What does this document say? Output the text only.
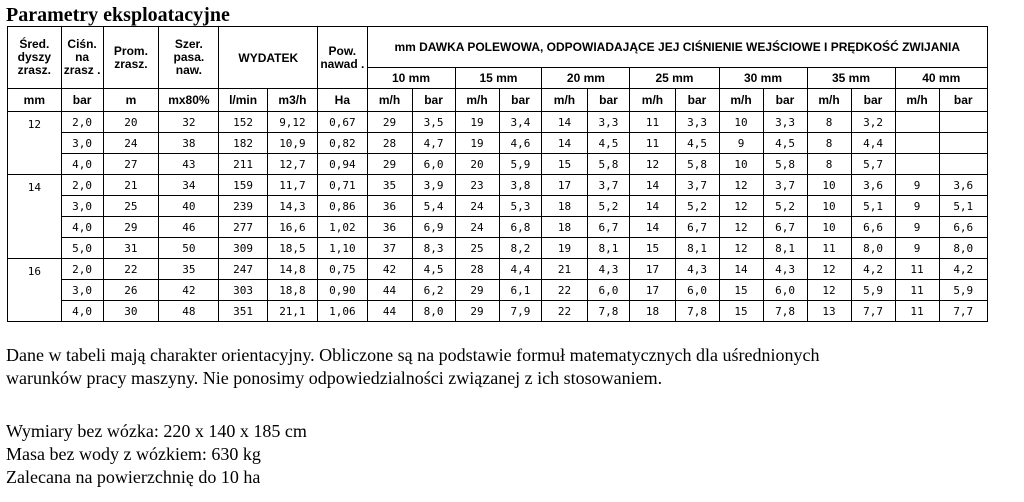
Parametry eksploatacyjne
Śred. dyszy zrasz.	Ciśn. na zrasz .	Prom. zrasz.	Szer. pasa. naw.	WYDATEK		Pow. nawad .	mm DAWKA POLEWOWA, ODPOWIADAJĄCE JEJ CIŚNIENIE WEJŚCIOWE I PRĘDKOŚĆ ZWIJANIA													
							10 mm		15 mm		20 mm		25 mm		30 mm		35 mm		40 mm	
mm	bar	m	mx80%	l/min	m3/h	Ha	m/h	bar	m/h	bar	m/h	bar	m/h	bar	m/h	bar	m/h	bar	m/h	bar
12	2,0	20	32	152	9,12	0,67	29	3,5	19	3,4	14	3,3	11	3,3	10	3,3	8	3,2		
	3,0	24	38	182	10,9	0,82	28	4,7	19	4,6	14	4,5	11	4,5	9	4,5	8	4,4		
	4,0	27	43	211	12,7	0,94	29	6,0	20	5,9	15	5,8	12	5,8	10	5,8	8	5,7		
14	2,0	21	34	159	11,7	0,71	35	3,9	23	3,8	17	3,7	14	3,7	12	3,7	10	3,6	9	3,6
	3,0	25	40	239	14,3	0,86	36	5,4	24	5,3	18	5,2	14	5,2	12	5,2	10	5,1	9	5,1
	4,0	29	46	277	16,6	1,02	36	6,9	24	6,8	18	6,7	14	6,7	12	6,7	10	6,6	9	6,6
	5,0	31	50	309	18,5	1,10	37	8,3	25	8,2	19	8,1	15	8,1	12	8,1	11	8,0	9	8,0
16	2,0	22	35	247	14,8	0,75	42	4,5	28	4,4	21	4,3	17	4,3	14	4,3	12	4,2	11	4,2
	3,0	26	42	303	18,8	0,90	44	6,2	29	6,1	22	6,0	17	6,0	15	6,0	12	5,9	11	5,9
	4,0	30	48	351	21,1	1,06	44	8,0	29	7,9	22	7,8	18	7,8	15	7,8	13	7,7	11	7,7
Dane w tabeli mają charakter orientacyjny. Obliczone są na podstawie formuł matematycznych dla uśrednionych
warunków pracy maszyny. Nie ponosimy odpowiedzialności związanej z ich stosowaniem.
Wymiary bez wózka: 220 x 140 x 185 cm
Masa bez wody z wózkiem: 630 kg
Zalecana na powierzchnię do 10 ha
